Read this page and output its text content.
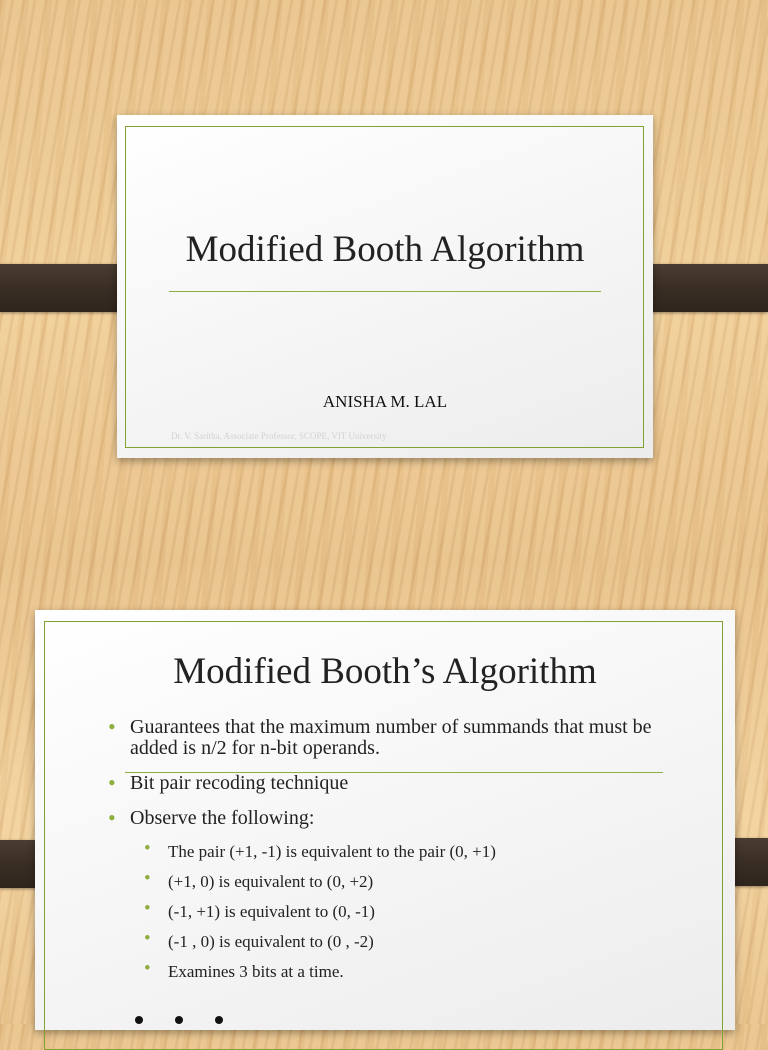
Modified Booth Algorithm
ANISHA M. LAL
Dr. V. Saritha, Associate Professor, SCOPE, VIT University
Modified Booth’s Algorithm
• Guarantees that the maximum number of summands that must be added is n/2 for n-bit operands.
• Bit pair recoding technique
• Observe the following:
• The pair (+1, -1) is equivalent to the pair (0, +1)
• (+1, 0) is equivalent to (0, +2)
• (-1, +1) is equivalent to (0, -1)
• (-1 , 0) is equivalent to (0 , -2)
• Examines 3 bits at a time.
